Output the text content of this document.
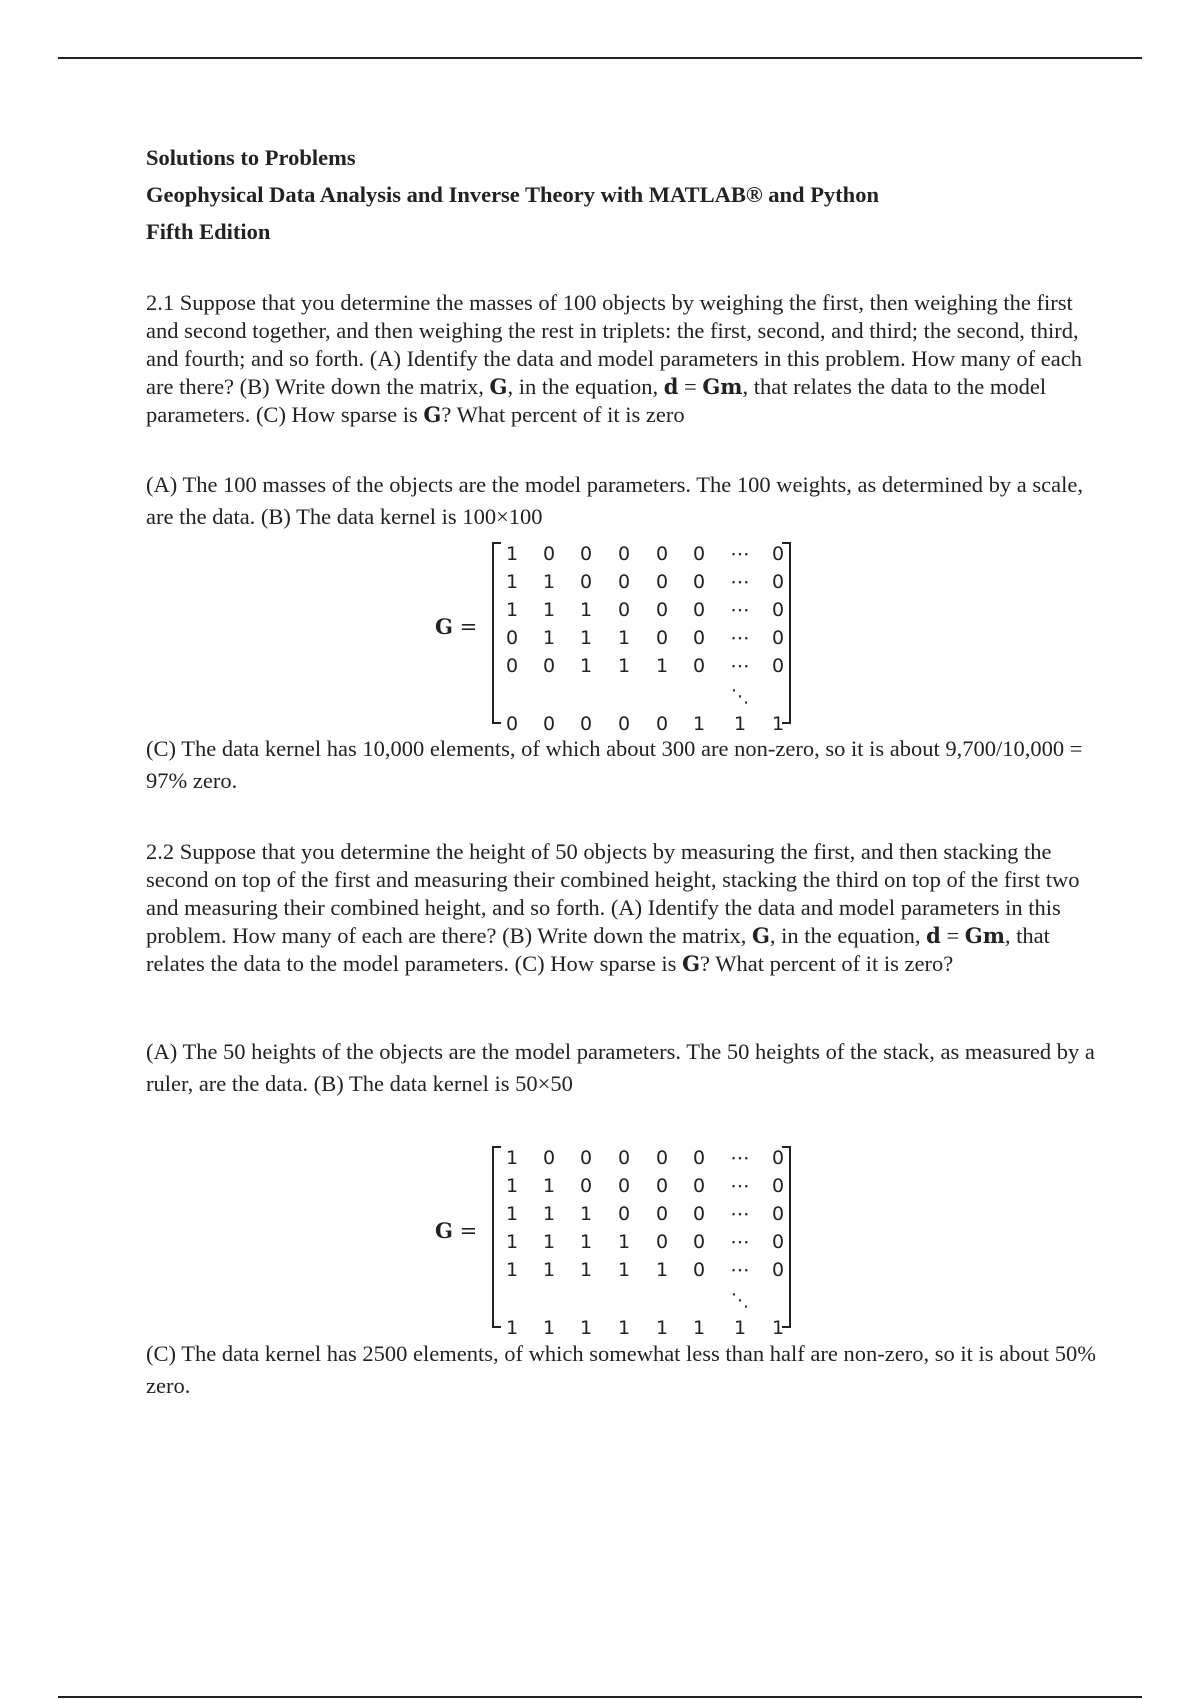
Solutions to Problems
Geophysical Data Analysis and Inverse Theory with MATLAB® and Python
Fifth Edition

2.1 Suppose that you determine the masses of 100 objects by weighing the first, then weighing the first and second together, and then weighing the rest in triplets: the first, second, and third; the second, third, and fourth; and so forth. (A) Identify the data and model parameters in this problem. How many of each are there? (B) Write down the matrix, G, in the equation, d = Gm, that relates the data to the model parameters. (C) How sparse is G? What percent of it is zero

(A) The 100 masses of the objects are the model parameters. The 100 weights, as determined by a scale, are the data. (B) The data kernel is 100×100

G =
1	0	0	0	0	0	⋯	0
1	1	0	0	0	0	⋯	0
1	1	1	0	0	0	⋯	0
0	1	1	1	0	0	⋯	0
0	0	1	1	1	0	⋯	0
⋱
0	0	0	0	0	1	1	1

(C) The data kernel has 10,000 elements, of which about 300 are non-zero, so it is about 9,700/10,000 = 97% zero.

2.2 Suppose that you determine the height of 50 objects by measuring the first, and then stacking the second on top of the first and measuring their combined height, stacking the third on top of the first two and measuring their combined height, and so forth. (A) Identify the data and model parameters in this problem. How many of each are there? (B) Write down the matrix, G, in the equation, d = Gm, that relates the data to the model parameters. (C) How sparse is G? What percent of it is zero?

(A) The 50 heights of the objects are the model parameters. The 50 heights of the stack, as measured by a ruler, are the data. (B) The data kernel is 50×50

G =
1	0	0	0	0	0	⋯	0
1	1	0	0	0	0	⋯	0
1	1	1	0	0	0	⋯	0
1	1	1	1	0	0	⋯	0
1	1	1	1	1	0	⋯	0
⋱
1	1	1	1	1	1	1	1

(C) The data kernel has 2500 elements, of which somewhat less than half are non-zero, so it is about 50% zero.
